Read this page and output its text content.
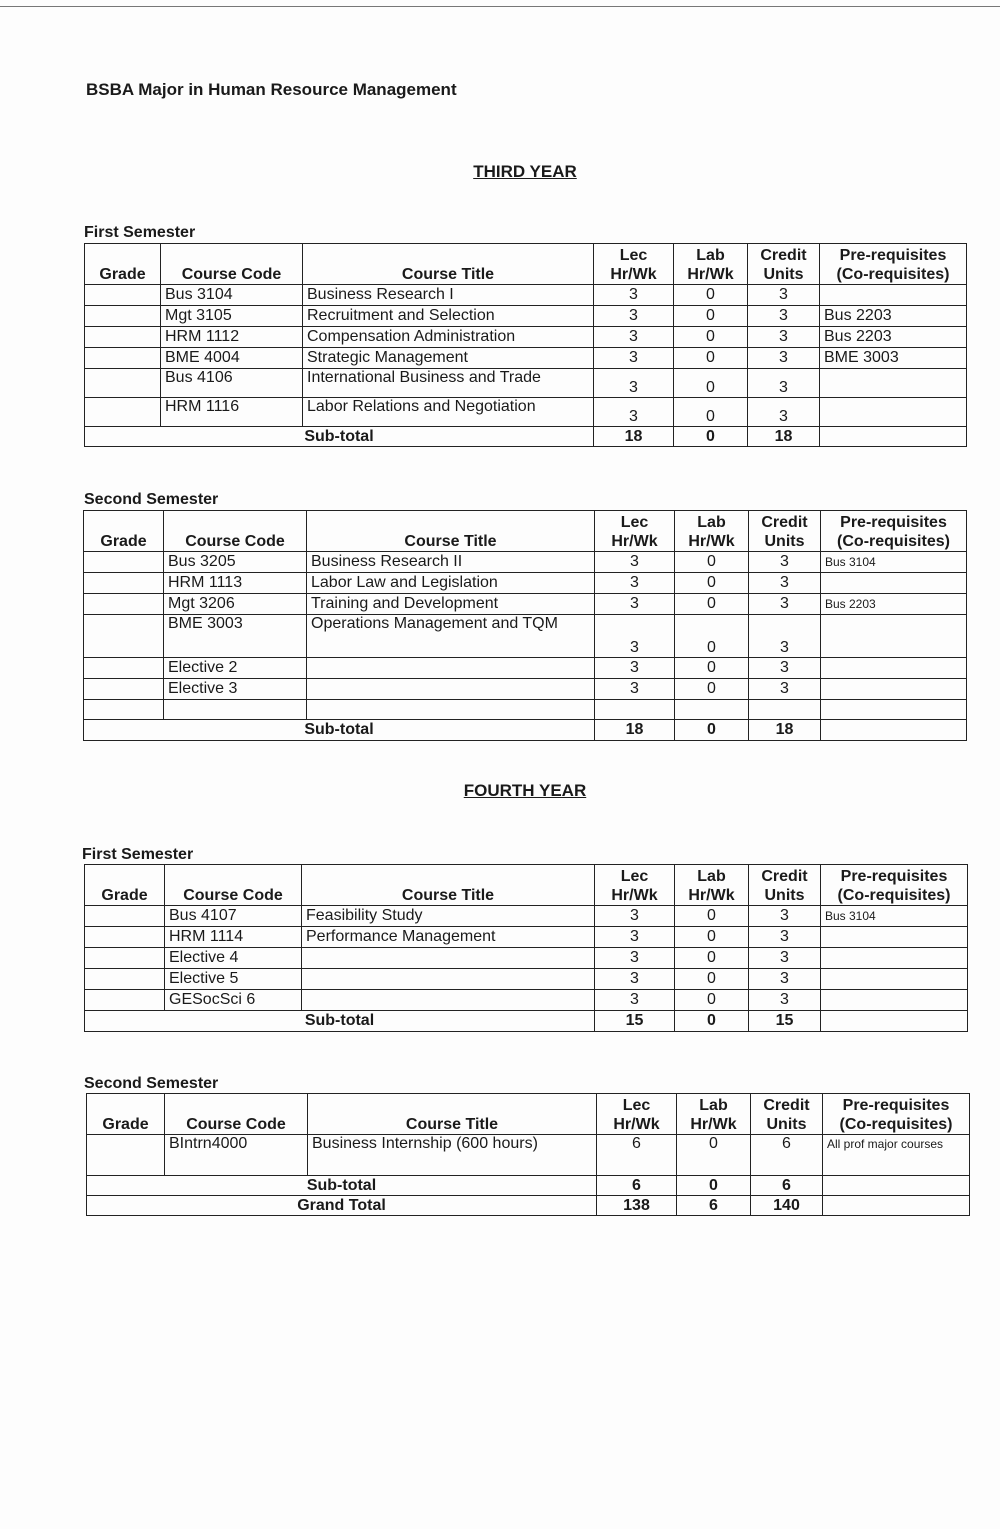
BSBA Major in Human Resource Management
THIRD YEAR
First Semester
Grade	Course Code	Course Title	Lec Hr/Wk	Lab Hr/Wk	Credit Units	Pre-requisites (Co-requisites)
	Bus 3104	Business Research I	3	0	3	
	Mgt 3105	Recruitment and Selection	3	0	3	Bus 2203
	HRM 1112	Compensation Administration	3	0	3	Bus 2203
	BME 4004	Strategic Management	3	0	3	BME 3003
	Bus 4106	International Business and Trade	3	0	3	
	HRM 1116	Labor Relations and Negotiation	3	0	3	
Sub-total			18	0	18	
Second Semester
Grade	Course Code	Course Title	Lec Hr/Wk	Lab Hr/Wk	Credit Units	Pre-requisites (Co-requisites)
	Bus 3205	Business Research II	3	0	3	Bus 3104
	HRM 1113	Labor Law and Legislation	3	0	3	
	Mgt 3206	Training and Development	3	0	3	Bus 2203
	BME 3003	Operations Management and TQM	3	0	3	
	Elective 2		3	0	3	
	Elective 3		3	0	3	

Sub-total			18	0	18	
FOURTH YEAR
First Semester
Grade	Course Code	Course Title	Lec Hr/Wk	Lab Hr/Wk	Credit Units	Pre-requisites (Co-requisites)
	Bus 4107	Feasibility Study	3	0	3	Bus 3104
	HRM 1114	Performance Management	3	0	3	
	Elective 4		3	0	3	
	Elective 5		3	0	3	
	GESocSci 6		3	0	3	
Sub-total			15	0	15	
Second Semester
Grade	Course Code	Course Title	Lec Hr/Wk	Lab Hr/Wk	Credit Units	Pre-requisites (Co-requisites)
	BIntrn4000	Business Internship (600 hours)	6	0	6	All prof major courses
Sub-total			6	0	6	
Grand Total			138	6	140	
